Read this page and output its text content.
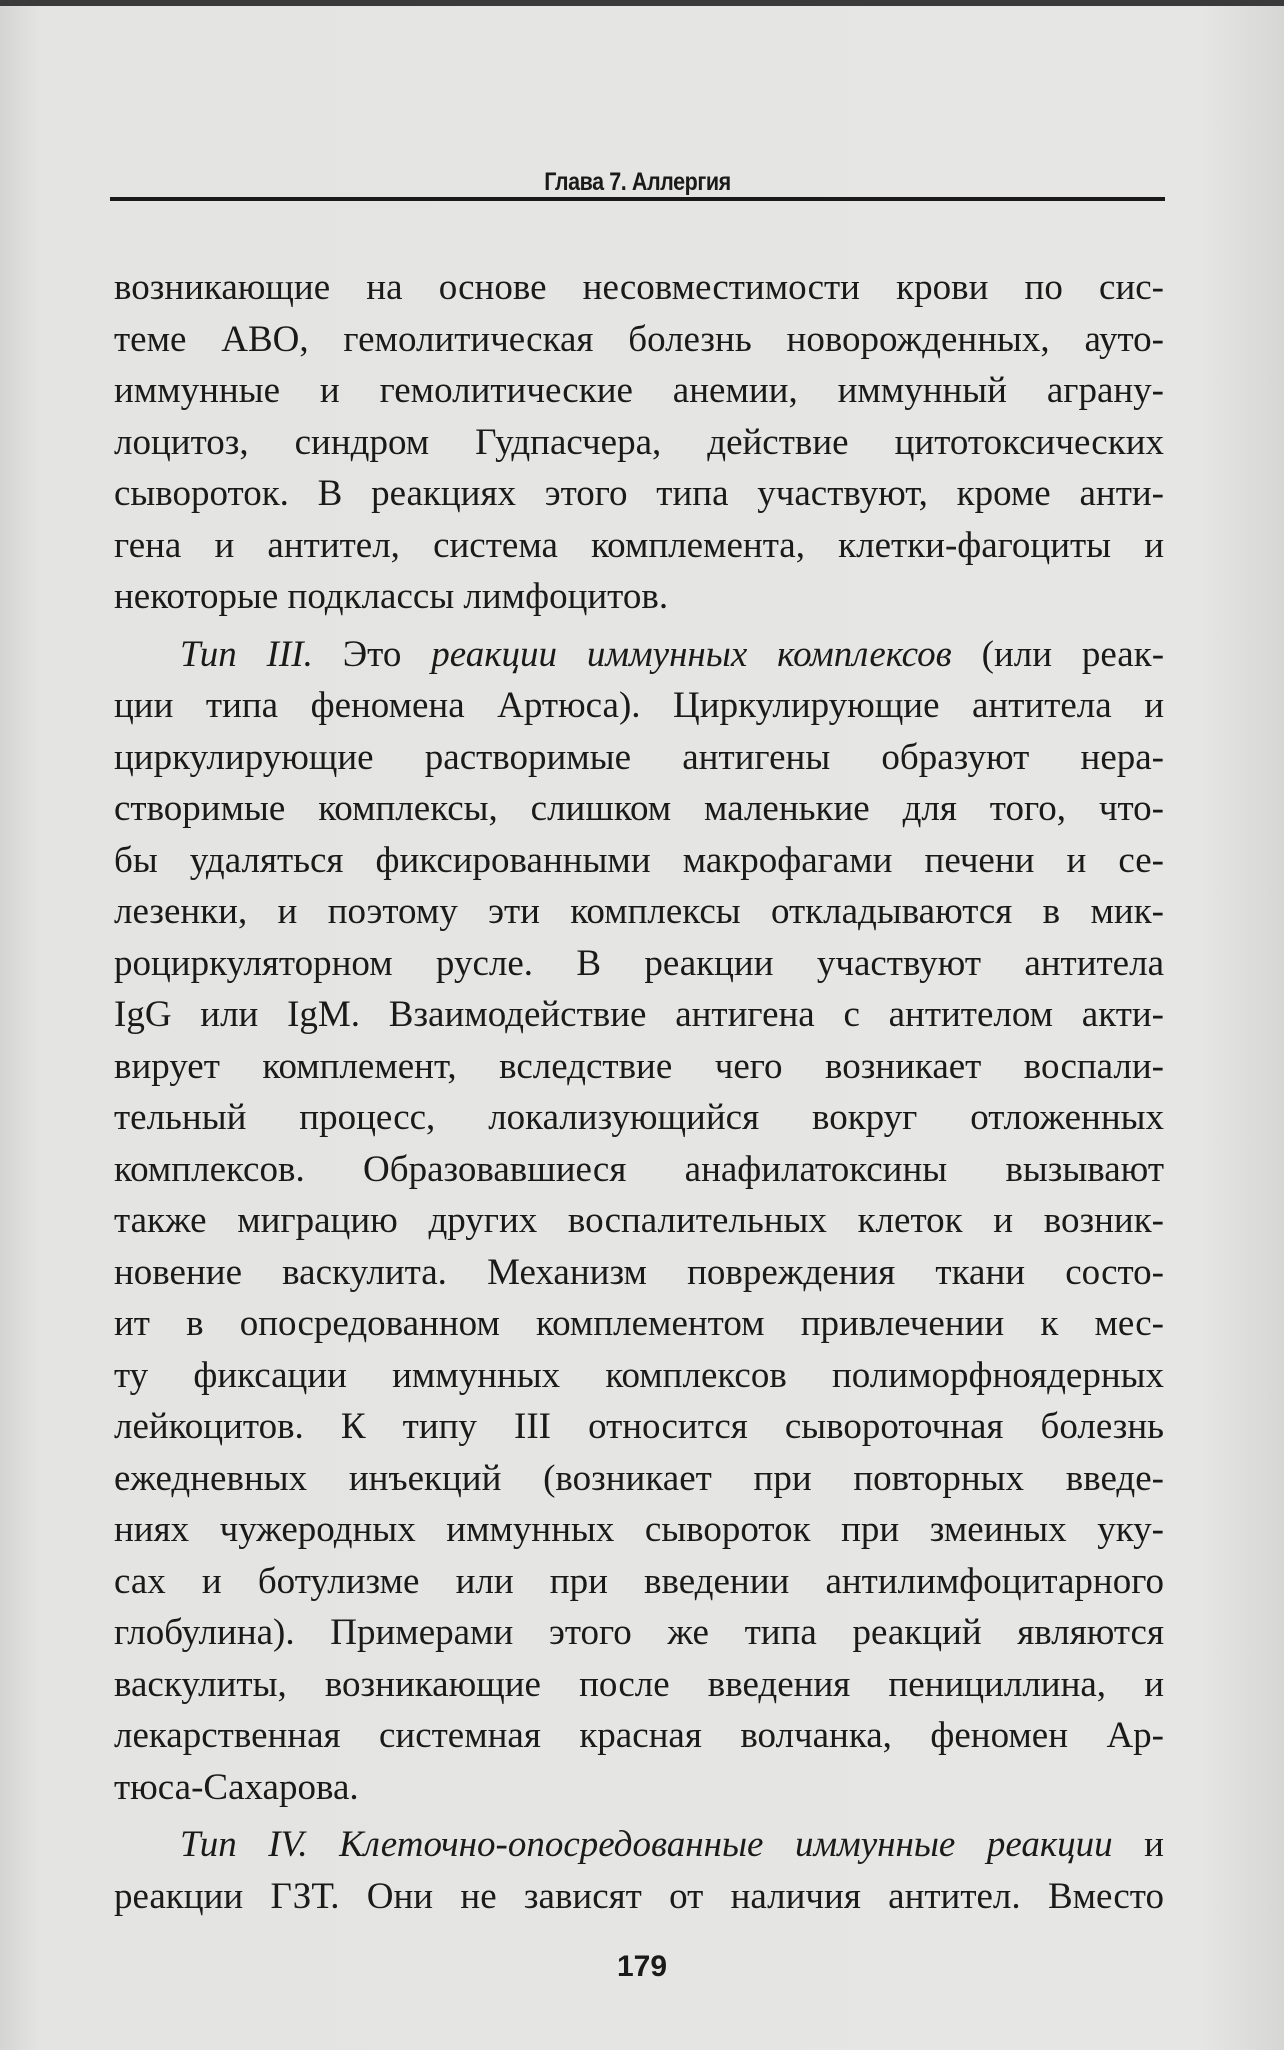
Глава 7. Аллергия
возникающие на основе несовместимости крови по сис-
теме ABO, гемолитическая болезнь новорожденных, ауто-
иммунные и гемолитические анемии, иммунный аграну-
лоцитоз, синдром Гудпасчера, действие цитотоксических
сывороток. В реакциях этого типа участвуют, кроме анти-
гена и антител, система комплемента, клетки-фагоциты и
некоторые подклассы лимфоцитов.
Тип III. Это реакции иммунных комплексов (или реак-
ции типа феномена Артюса). Циркулирующие антитела и
циркулирующие растворимые антигены образуют нера-
створимые комплексы, слишком маленькие для того, что-
бы удаляться фиксированными макрофагами печени и се-
лезенки, и поэтому эти комплексы откладываются в мик-
роциркуляторном русле. В реакции участвуют антитела
IgG или IgM. Взаимодействие антигена с антителом акти-
вирует комплемент, вследствие чего возникает воспали-
тельный процесс, локализующийся вокруг отложенных
комплексов. Образовавшиеся анафилатоксины вызывают
также миграцию других воспалительных клеток и возник-
новение васкулита. Механизм повреждения ткани состо-
ит в опосредованном комплементом привлечении к мес-
ту фиксации иммунных комплексов полиморфноядерных
лейкоцитов. К типу III относится сывороточная болезнь
ежедневных инъекций (возникает при повторных введе-
ниях чужеродных иммунных сывороток при змеиных уку-
сах и ботулизме или при введении антилимфоцитарного
глобулина). Примерами этого же типа реакций являются
васкулиты, возникающие после введения пенициллина, и
лекарственная системная красная волчанка, феномен Ар-
тюса-Сахарова.
Тип IV. Клеточно-опосредованные иммунные реакции и
реакции ГЗТ. Они не зависят от наличия антител. Вместо
179
